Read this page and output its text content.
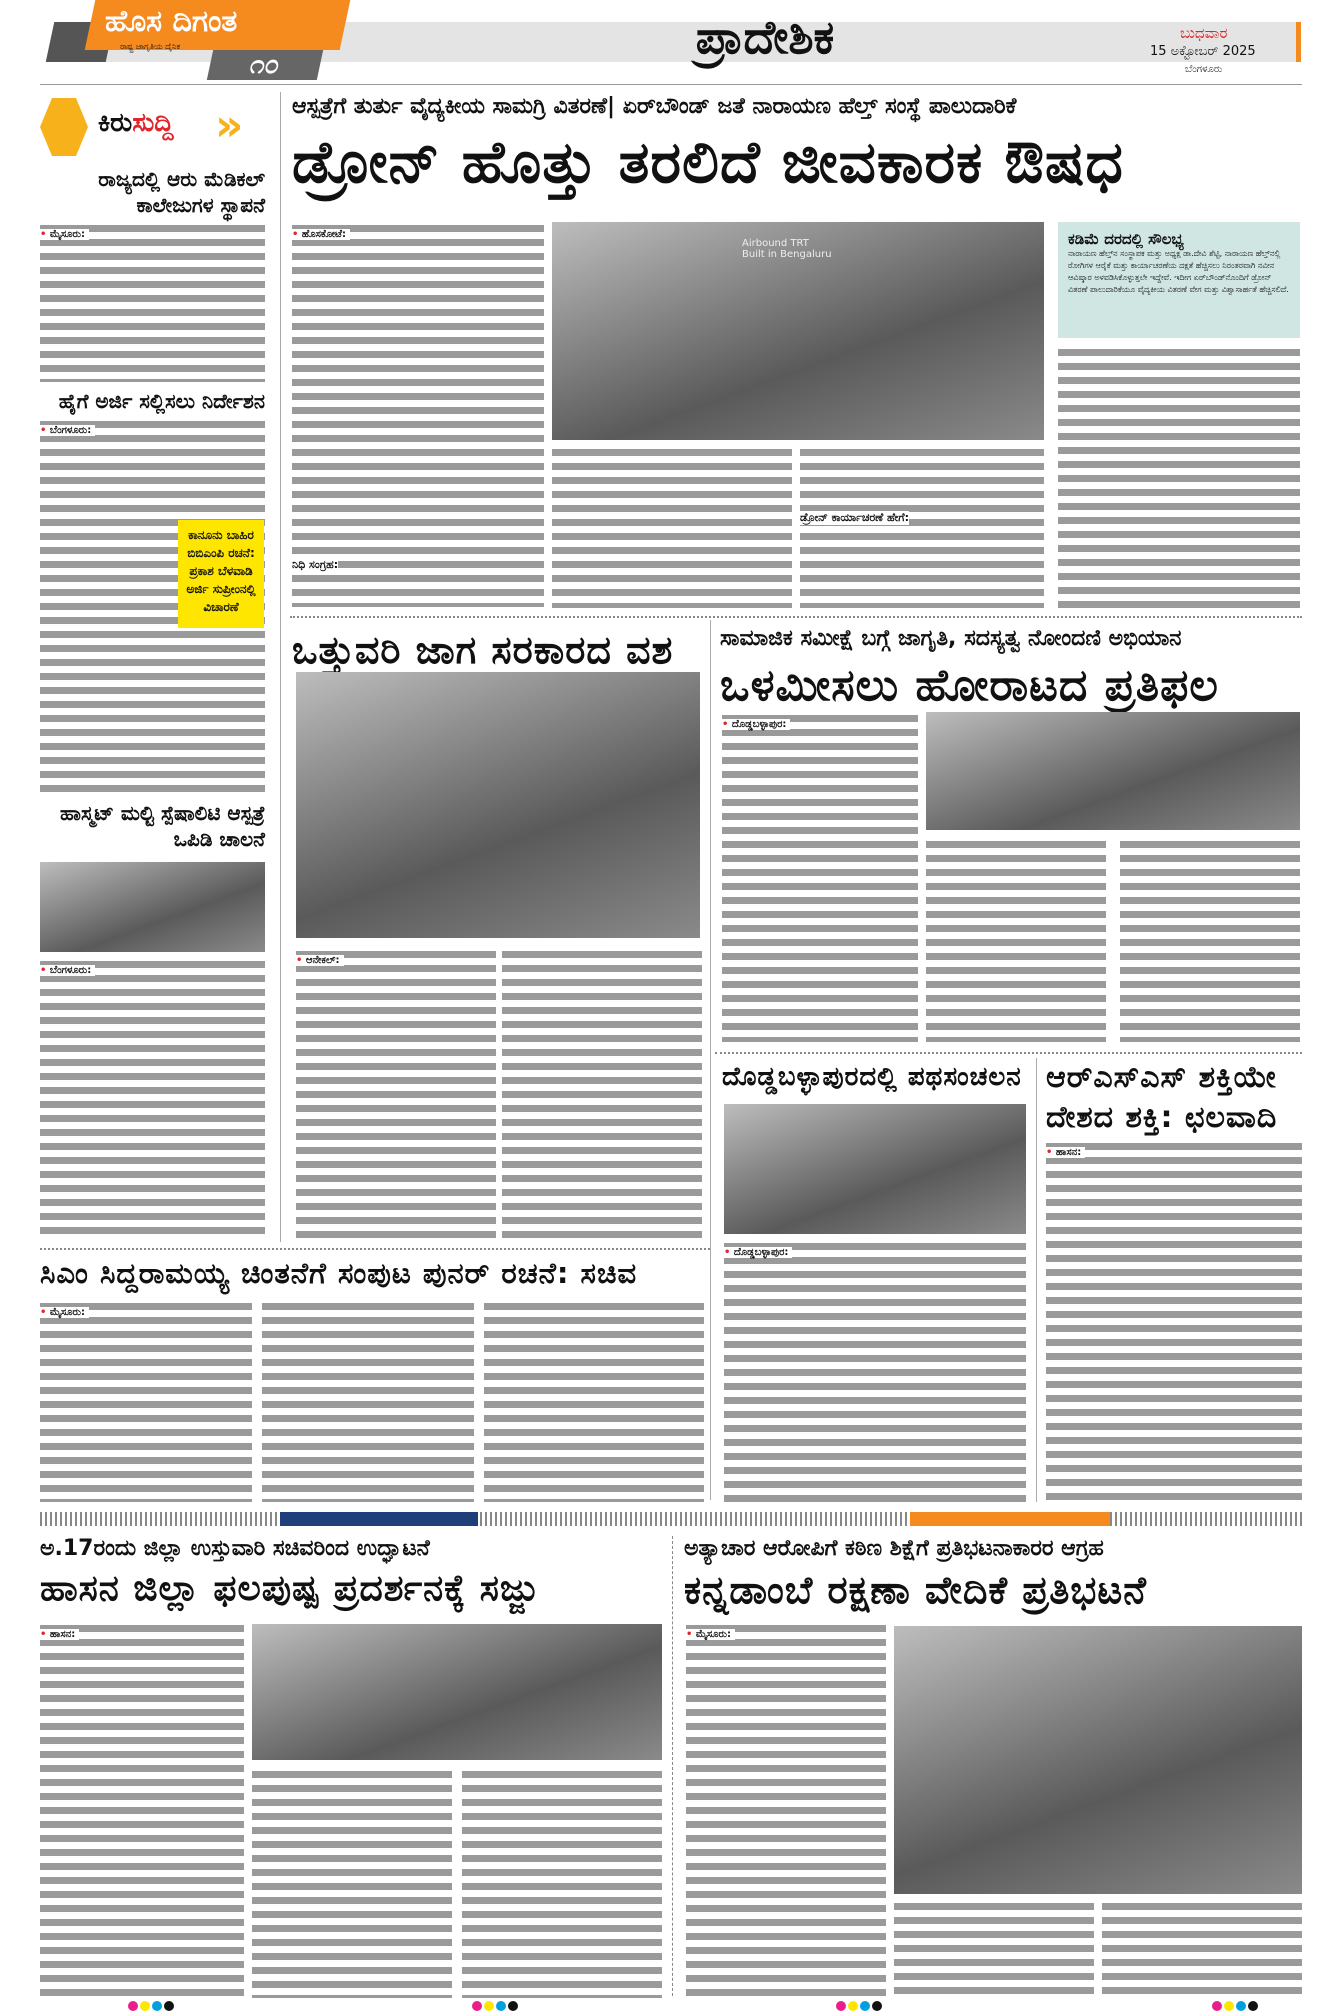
ಹೊಸ ದಿಗಂತ
ರಾಷ್ಟ್ರ ಜಾಗೃತಿಯ ದೈನಿಕ
೧೦
ಪ್ರಾದೇಶಿಕ	ಬುಧವಾರ
15 ಅಕ್ಟೋಬರ್ 2025
ಬೆಂಗಳೂರು
ಕಿರುಸುದ್ದಿ »
ರಾಜ್ಯದಲ್ಲಿ ಆರು ಮೆಡಿಕಲ್ ಕಾಲೇಜುಗಳ ಸ್ಥಾಪನೆ
• ಮೈಸೂರು:
ಹೈಗೆ ಅರ್ಜಿ ಸಲ್ಲಿಸಲು ನಿರ್ದೇಶನ
• ಬೆಂಗಳೂರು:
ಕಾನೂನು ಬಾಹಿರ ಬಿಬಿಎಂಪಿ ರಚನೆ: ಪ್ರಕಾಶ ಬೆಳವಾಡಿ ಅರ್ಜಿ ಸುಪ್ರೀಂನಲ್ಲಿ ವಿಚಾರಣೆ
ಹಾಸ್ಮಟ್ ಮಲ್ಟಿ ಸ್ಪೆಷಾಲಿಟಿ ಆಸ್ಪತ್ರೆ ಒಪಿಡಿ ಚಾಲನೆ
• ಬೆಂಗಳೂರು:
ಆಸ್ಪತ್ರೆಗೆ ತುರ್ತು ವೈದ್ಯಕೀಯ ಸಾಮಗ್ರಿ ವಿತರಣೆ| ಏರ್‌ಬೌಂಡ್ ಜತೆ ನಾರಾಯಣ ಹೆಲ್ತ್ ಸಂಸ್ಥೆ ಪಾಲುದಾರಿಕೆ
ಡ್ರೋನ್ ಹೊತ್ತು ತರಲಿದೆ ಜೀವಕಾರಕ ಔಷಧ
• ಹೊಸಕೋಟೆ:
ನಿಧಿ ಸಂಗ್ರಹ:
Airbound TRT Built in Bengaluru
ಡ್ರೋನ್ ಕಾರ್ಯಾಚರಣೆ ಹೇಗೆ:
ಕಡಿಮೆ ದರದಲ್ಲಿ ಸೌಲಭ್ಯ
ನಾರಾಯಣ ಹೆಲ್ತ್‌ನ ಸಂಸ್ಥಾಪಕ ಮತ್ತು ಅಧ್ಯಕ್ಷ ಡಾ.ದೇವಿ ಶೆಟ್ಟಿ, ನಾರಾಯಣ ಹೆಲ್ತ್‌ನಲ್ಲಿ ರೋಗಿಗಳ ಆರೈಕೆ ಮತ್ತು ಕಾರ್ಯಾಚರಣೆಯ ದಕ್ಷತೆ ಹೆಚ್ಚಿಸಲು ನಿರಂತರವಾಗಿ ನವೀನ ಆವಿಷ್ಕಾರ ಅಳವಡಿಸಿಕೊಳ್ಳುತ್ತಲೇ ಇದ್ದೇವೆ. ಇದೀಗ ಏರ್‌ಬೌಂಡ್‌ನೊಂದಿಗೆ ಡ್ರೋನ್ ವಿತರಣೆ ಪಾಲುದಾರಿಕೆಯೂ ವೈದ್ಯಕೀಯ ವಿತರಣೆ ವೇಗ ಮತ್ತು ವಿಶ್ವಾಸಾರ್ಹತೆ ಹೆಚ್ಚಿಸಲಿದೆ.
ಒತ್ತುವರಿ ಜಾಗ ಸರಕಾರದ ವಶ
• ಆನೇಕಲ್:
ಸಾಮಾಜಿಕ ಸಮೀಕ್ಷೆ ಬಗ್ಗೆ ಜಾಗೃತಿ, ಸದಸ್ಯತ್ವ ನೋಂದಣಿ ಅಭಿಯಾನ
ಒಳಮೀಸಲು ಹೋರಾಟದ ಪ್ರತಿಫಲ
• ದೊಡ್ಡಬಳ್ಳಾಪುರ:
ದೊಡ್ಡಬಳ್ಳಾಪುರದಲ್ಲಿ ಪಥಸಂಚಲನ
• ದೊಡ್ಡಬಳ್ಳಾಪುರ:
ಆರ್‌ಎಸ್‌ಎಸ್ ಶಕ್ತಿಯೇ ದೇಶದ ಶಕ್ತಿ: ಛಲವಾದಿ
• ಹಾಸನ:
ಸಿಎಂ ಸಿದ್ದರಾಮಯ್ಯ ಚಿಂತನೆಗೆ ಸಂಪುಟ ಪುನರ್ ರಚನೆ: ಸಚಿವ
• ಮೈಸೂರು:
ಅ.17ರಂದು ಜಿಲ್ಲಾ ಉಸ್ತುವಾರಿ ಸಚಿವರಿಂದ ಉದ್ಘಾಟನೆ
ಹಾಸನ ಜಿಲ್ಲಾ ಫಲಪುಷ್ಪ ಪ್ರದರ್ಶನಕ್ಕೆ ಸಜ್ಜು
• ಹಾಸನ:
ಅತ್ಯಾಚಾರ ಆರೋಪಿಗೆ ಕಠಿಣ ಶಿಕ್ಷೆಗೆ ಪ್ರತಿಭಟನಾಕಾರರ ಆಗ್ರಹ
ಕನ್ನಡಾಂಬೆ ರಕ್ಷಣಾ ವೇದಿಕೆ ಪ್ರತಿಭಟನೆ
• ಮೈಸೂರು:
